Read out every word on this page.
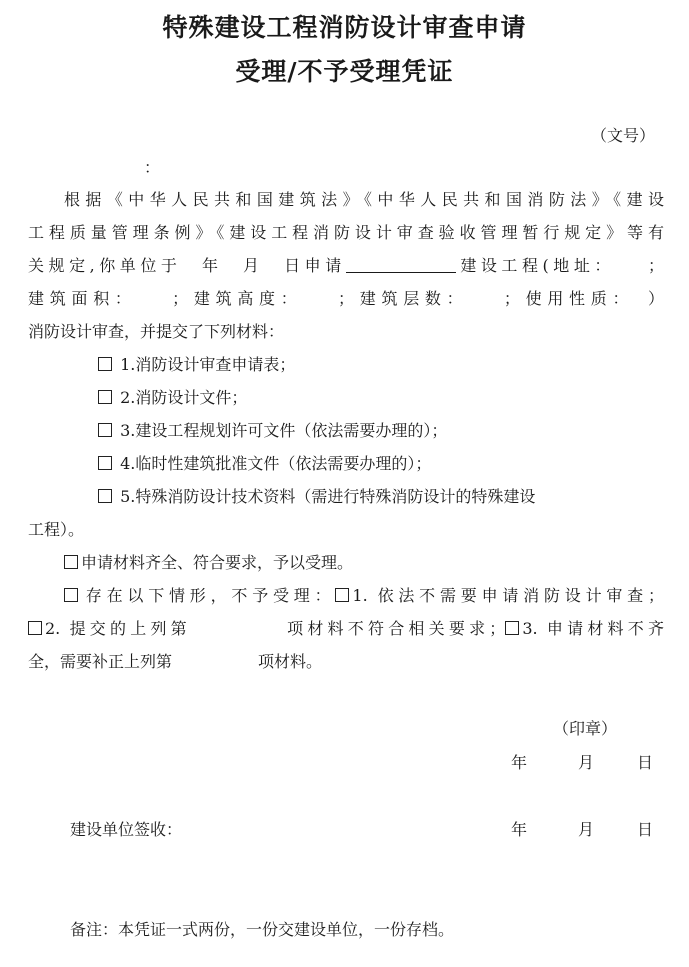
特殊建设工程消防设计审查申请
受理/不予受理凭证
（文号）
：
根据《中华人民共和国建筑法》《中华人民共和国消防法》《建设
工程质量管理条例》《建设工程消防设计审查验收管理暂行规定》等有
关规定,你单位于　年　月　日申请	建设工程(地址：　　；
建筑面积：　　；建筑高度：　　；建筑层数：　　；使用性质：　）
消防设计审查，并提交了下列材料：
1.消防设计审查申请表；
2.消防设计文件；
3.建设工程规划许可文件（依法需要办理的）；
4.临时性建筑批准文件（依法需要办理的）；
5.特殊消防设计技术资料（需进行特殊消防设计的特殊建设
工程）。
申请材料齐全、符合要求，予以受理。
存在以下情形，不予受理： 1. 依法不需要申请消防设计审查；
2. 提交的上列第	项材料不符合相关要求； 3. 申请材料不齐
全，需要补正上列第	项材料。
（印章）
年	月	日
建设单位签收：	年	月	日
备注：本凭证一式两份，一份交建设单位，一份存档。
